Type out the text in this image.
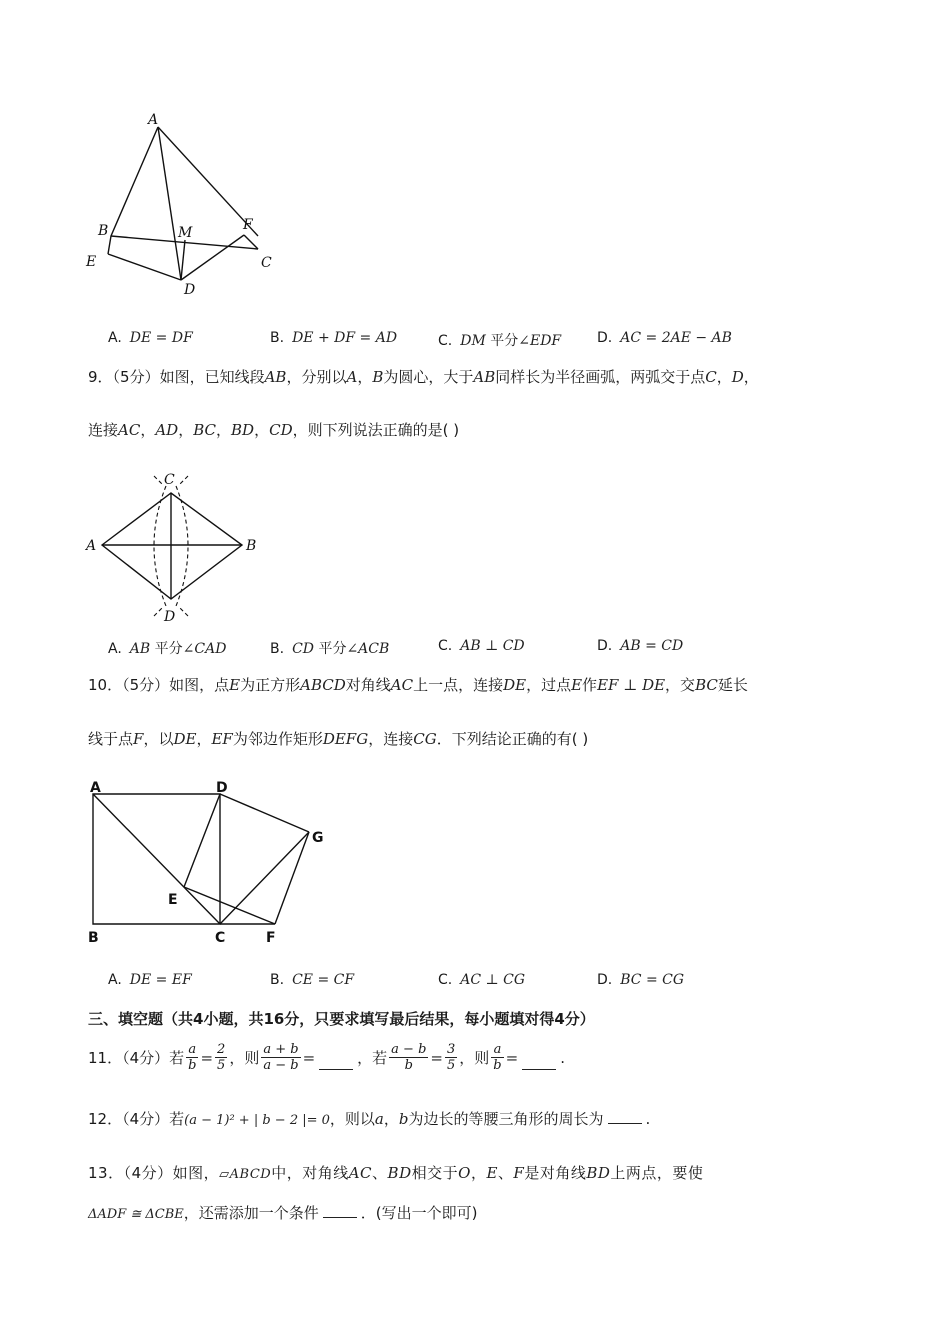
A
B	M	F
E	C
D
A. DE = DF	B. DE + DF = AD	C. DM 平分∠EDF	D. AC = 2AE − AB
9．（5分）如图，已知线段AB，分别以A，B为圆心，大于AB同样长为半径画弧，两弧交于点C，D，
连接AC，AD，BC，BD，CD，则下列说法正确的是( )
C
A	B
D
A. AB 平分∠CAD	B. CD 平分∠ACB	C. AB ⊥ CD	D. AB = CD
10．（5分）如图，点E为正方形ABCD对角线AC上一点，连接DE，过点E作EF ⊥ DE，交BC延长
线于点F，以DE，EF为邻边作矩形DEFG，连接CG．下列结论正确的有( )
A	D
G
E
B	C	F
A. DE = EF	B. CE = CF	C. AC ⊥ CG	D. BC = CG
三、填空题（共4小题，共16分，只要求填写最后结果，每小题填对得4分）
11．（4分）若 $\frac{a}{b} = \frac{2}{5}$ ，则 $\frac{a + b}{a - b}$ =	，若 $\frac{a - b}{b} = \frac{3}{5}$ ，则 $\frac{a}{b}$ =	.
12．（4分）若(a − 1)² + | b − 2 |= 0，则以a，b为边长的等腰三角形的周长为	.
13．（4分）如图，▱ABCD中，对角线AC、BD相交于O，E、F是对角线BD上两点，要使
ΔADF ≅ ΔCBE，还需添加一个条件	．(写出一个即可)
